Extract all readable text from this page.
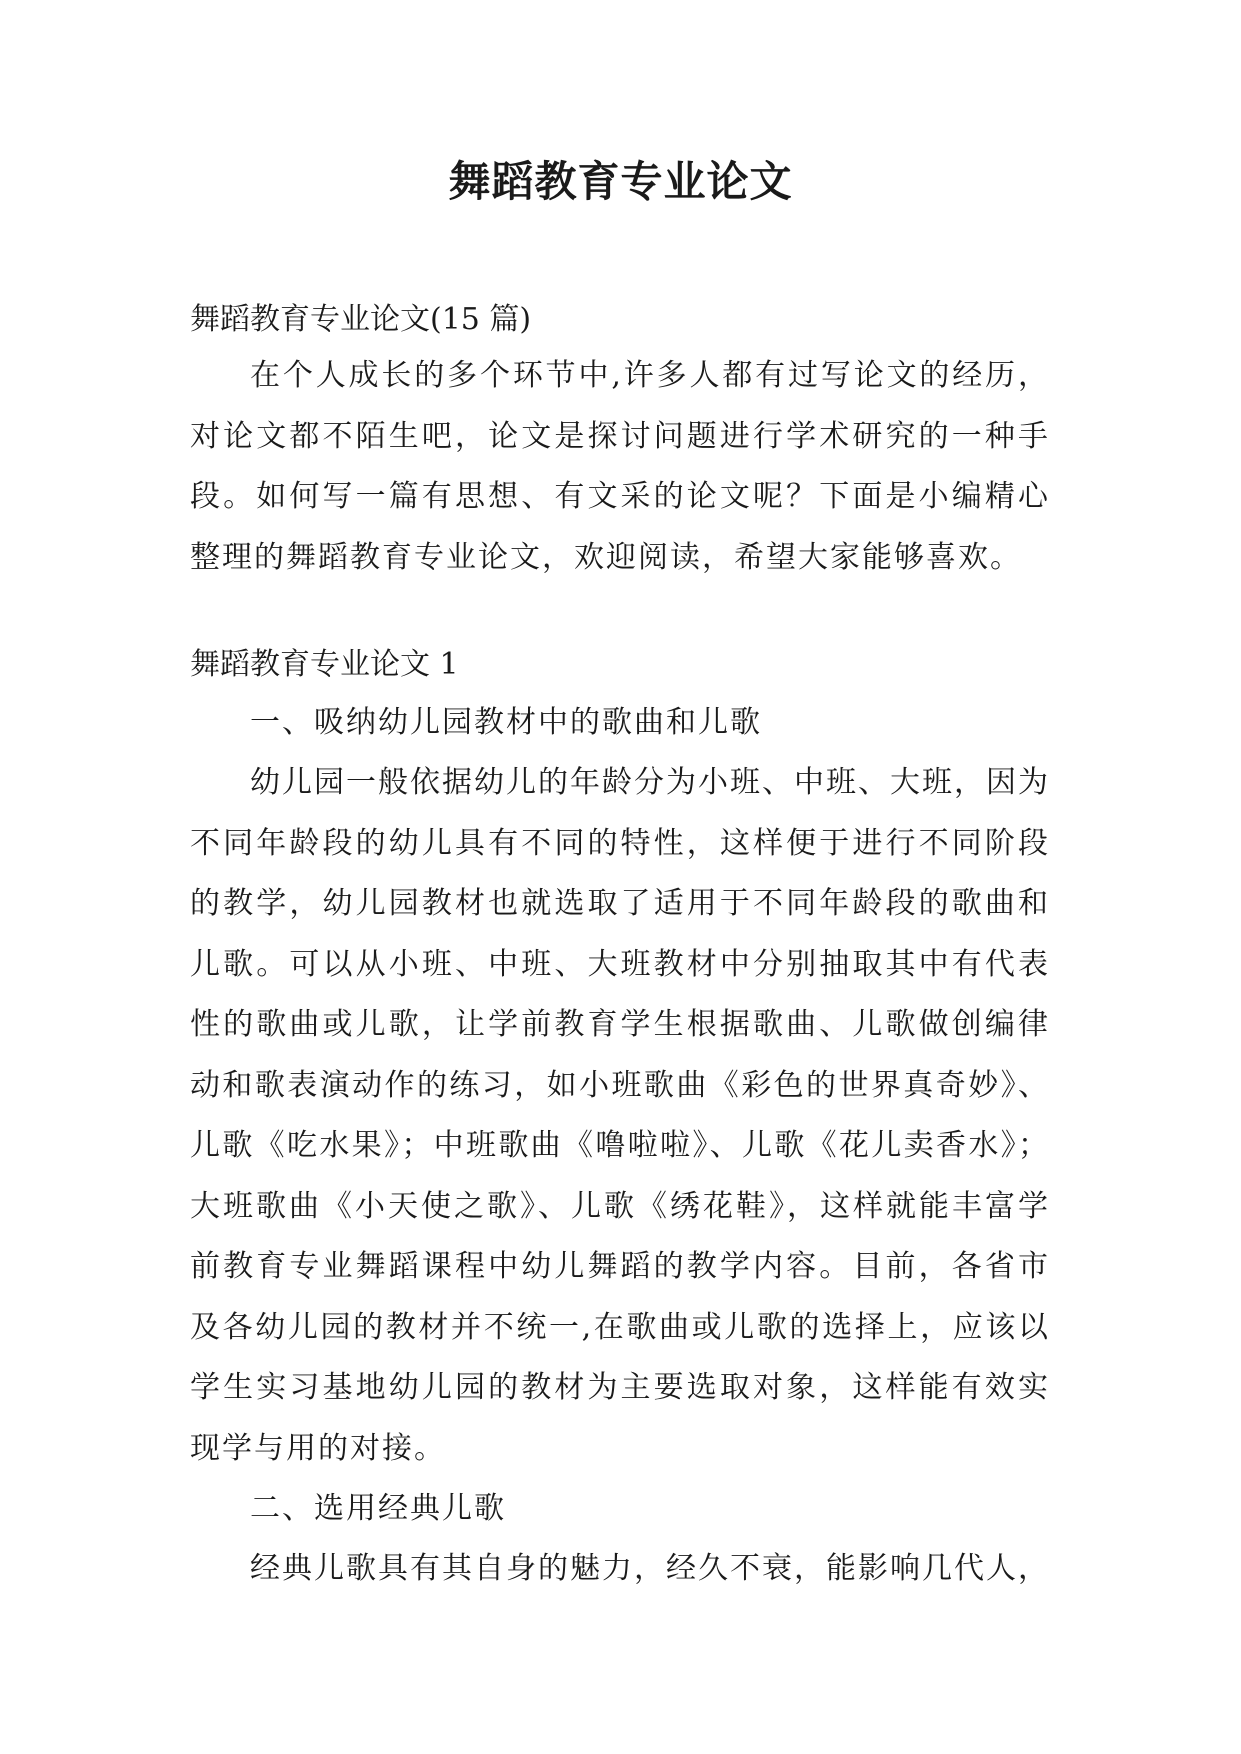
舞蹈教育专业论文

舞蹈教育专业论文(15 篇)

在个人成长的多个环节中,许多人都有过写论文的经历，对论文都不陌生吧，论文是探讨问题进行学术研究的一种手段。如何写一篇有思想、有文采的论文呢？下面是小编精心整理的舞蹈教育专业论文，欢迎阅读，希望大家能够喜欢。

舞蹈教育专业论文 1

一、吸纳幼儿园教材中的歌曲和儿歌

幼儿园一般依据幼儿的年龄分为小班、中班、大班，因为不同年龄段的幼儿具有不同的特性，这样便于进行不同阶段的教学，幼儿园教材也就选取了适用于不同年龄段的歌曲和儿歌。可以从小班、中班、大班教材中分别抽取其中有代表性的歌曲或儿歌，让学前教育学生根据歌曲、儿歌做创编律动和歌表演动作的练习，如小班歌曲《彩色的世界真奇妙》、儿歌《吃水果》；中班歌曲《噜啦啦》、儿歌《花儿卖香水》；大班歌曲《小天使之歌》、儿歌《绣花鞋》，这样就能丰富学前教育专业舞蹈课程中幼儿舞蹈的教学内容。目前，各省市及各幼儿园的教材并不统一,在歌曲或儿歌的选择上，应该以学生实习基地幼儿园的教材为主要选取对象，这样能有效实现学与用的对接。

二、选用经典儿歌

经典儿歌具有其自身的魅力，经久不衰，能影响几代人，
